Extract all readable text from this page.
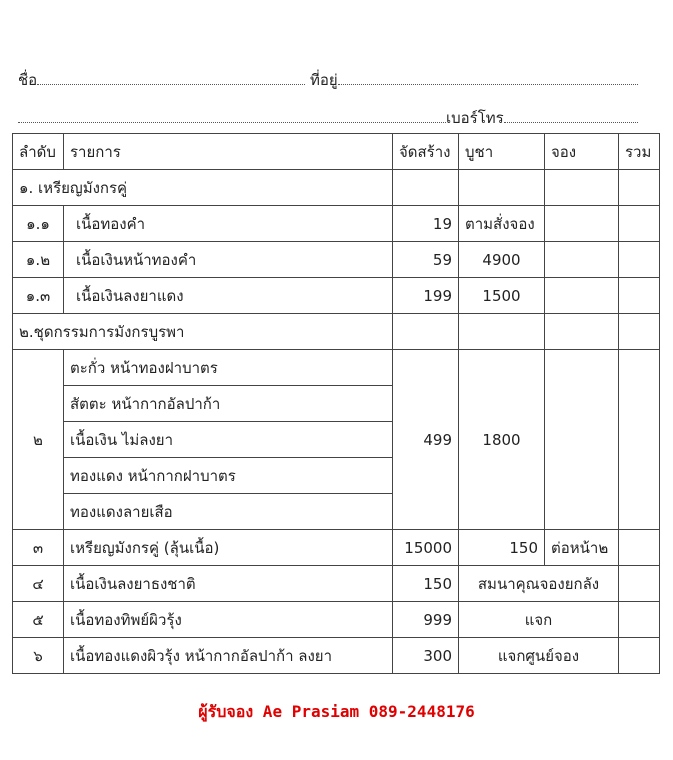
ชื่อ	ที่อยู่
เบอร์โทร
ลำดับ	รายการ	จัดสร้าง	บูชา	จอง	รวม
๑. เหรียญมังกรคู่					
๑.๑	เนื้อทองคำ	19	ตามสั่งจอง		
๑.๒	เนื้อเงินหน้าทองคำ	59	4900		
๑.๓	เนื้อเงินลงยาแดง	199	1500		
๒.ชุดกรรมการมังกรบูรพา					
๒	ตะกั่ว หน้าทองฝาบาตร	499	1800		
	สัตตะ หน้ากากอัลปาก้า				
	เนื้อเงิน ไม่ลงยา				
	ทองแดง หน้ากากฝาบาตร				
	ทองแดงลายเสือ				
๓	เหรียญมังกรคู่ (ลุ้นเนื้อ)	15000	150	ต่อหน้า๒	
๔	เนื้อเงินลงยาธงชาติ	150	สมนาคุณจองยกลัง		
๕	เนื้อทองทิพย์ผิวรุ้ง	999	แจก		
๖	เนื้อทองแดงผิวรุ้ง หน้ากากอัลปาก้า ลงยา	300	แจกศูนย์จอง		
ผู้รับจอง Ae Prasiam 089-2448176
